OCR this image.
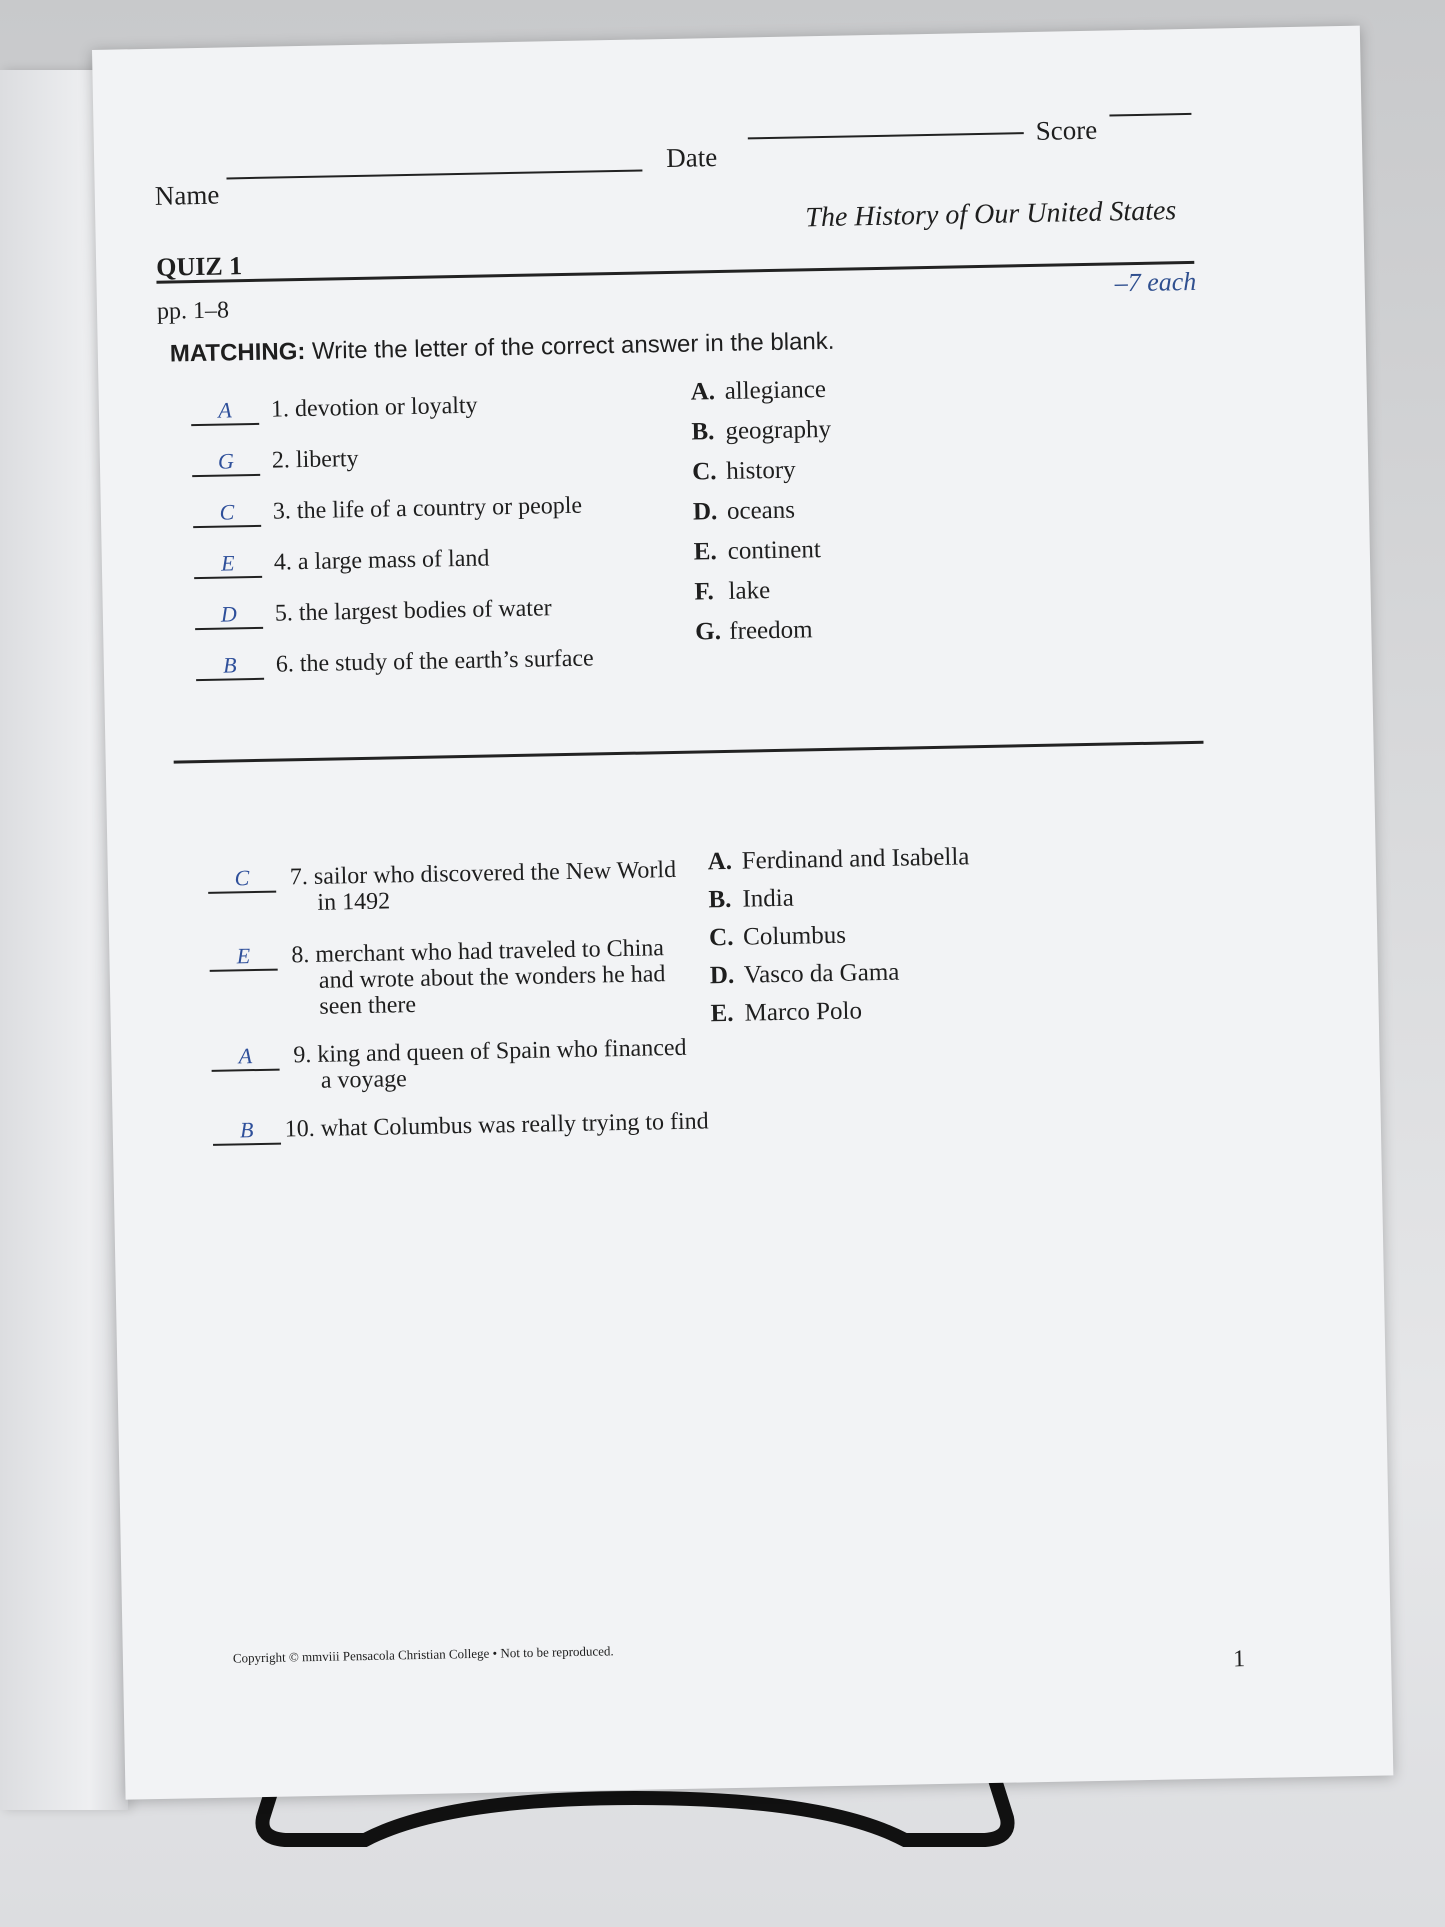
Name
Date
Score
The History of Our United States
QUIZ 1
–7 each
pp. 1–8
MATCHING: Write the letter of the correct answer in the blank.
A	1. devotion or loyalty
G	2. liberty
C	3. the life of a country or people
E	4. a large mass of land
D	5. the largest bodies of water
B	6. the study of the earth’s surface
A. allegiance
B. geography
C. history
D. oceans
E. continent
F. lake
G. freedom
C	7. sailor who discovered the New World
in 1492
E	8. merchant who had traveled to China
and wrote about the wonders he had
seen there
A	9. king and queen of Spain who financed
a voyage
B	10. what Columbus was really trying to find
A. Ferdinand and Isabella
B. India
C. Columbus
D. Vasco da Gama
E. Marco Polo
Copyright © mmviii Pensacola Christian College • Not to be reproduced.	1
